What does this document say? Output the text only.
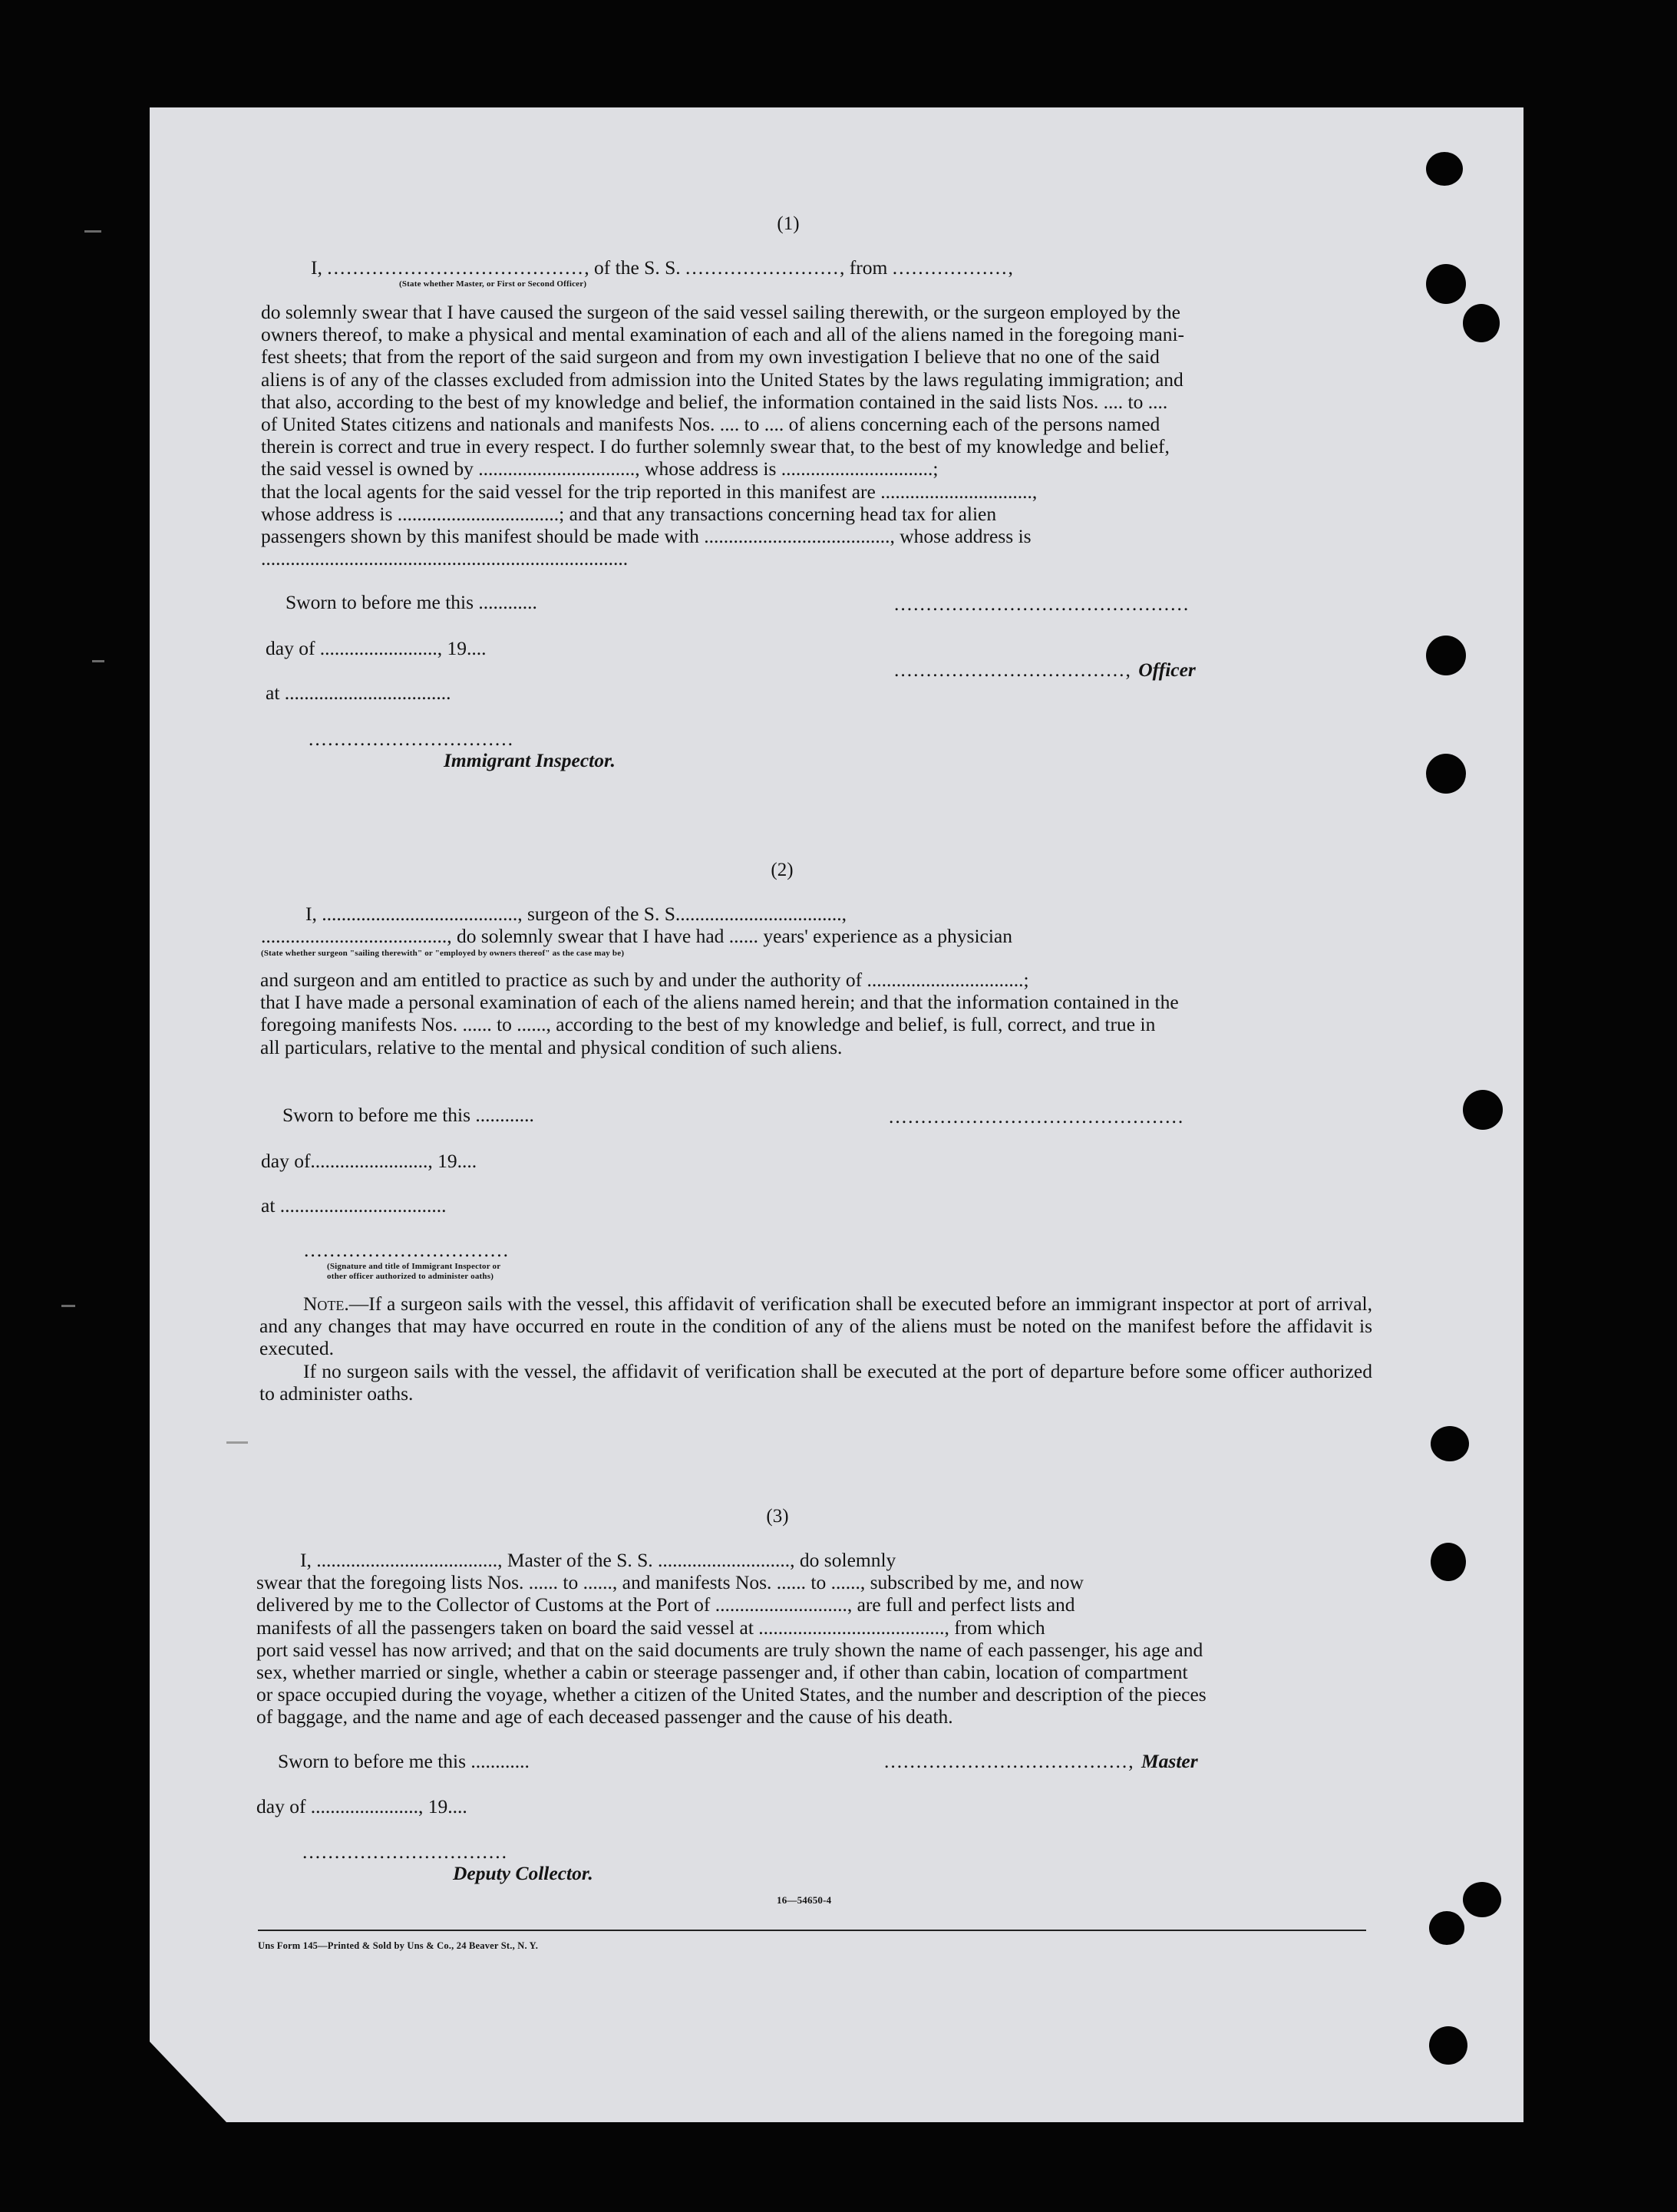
(1)
I, ........................................, of the S. S. ........................, from ..................,
(State whether Master, or First or Second Officer)
do solemnly swear that I have caused the surgeon of the said vessel sailing therewith, or the surgeon employed by the
owners thereof, to make a physical and mental examination of each and all of the aliens named in the foregoing mani-
fest sheets; that from the report of the said surgeon and from my own investigation I believe that no one of the said
aliens is of any of the classes excluded from admission into the United States by the laws regulating immigration; and
that also, according to the best of my knowledge and belief, the information contained in the said lists Nos. .... to ....
of United States citizens and nationals and manifests Nos. .... to .... of aliens concerning each of the persons named
therein is correct and true in every respect. I do further solemnly swear that, to the best of my knowledge and belief,
the said vessel is owned by ................................, whose address is ...............................;
that the local agents for the said vessel for the trip reported in this manifest are ...............................,
whose address is .................................; and that any transactions concerning head tax for alien
passengers shown by this manifest should be made with ......................................, whose address is
...........................................................................
Sworn to before me this ............	..............................................
day of ........................, 19....
...................................., Officer
at ..................................
................................
Immigrant Inspector.
(2)
I, ........................................, surgeon of the S. S..................................,
......................................, do solemnly swear that I have had ...... years' experience as a physician
(State whether surgeon "sailing therewith" or "employed by owners thereof" as the case may be)
and surgeon and am entitled to practice as such by and under the authority of ................................;
that I have made a personal examination of each of the aliens named herein; and that the information contained in the
foregoing manifests Nos. ...... to ......, according to the best of my knowledge and belief, is full, correct, and true in
all particulars, relative to the mental and physical condition of such aliens.
Sworn to before me this ............	..............................................
day of........................, 19....
at ..................................
................................
(Signature and title of Immigrant Inspector or
other officer authorized to administer oaths)
Note.—If a surgeon sails with the vessel, this affidavit of verification shall be executed before an immigrant inspector at port of arrival, and any changes that may have occurred en route in the condition of any of the aliens must be noted on the manifest before the affidavit is executed.
If no surgeon sails with the vessel, the affidavit of verification shall be executed at the port of departure before some officer authorized to administer oaths.
(3)
I, ....................................., Master of the S. S. ..........................., do solemnly
swear that the foregoing lists Nos. ...... to ......, and manifests Nos. ...... to ......, subscribed by me, and now
delivered by me to the Collector of Customs at the Port of ..........................., are full and perfect lists and
manifests of all the passengers taken on board the said vessel at ......................................, from which
port said vessel has now arrived; and that on the said documents are truly shown the name of each passenger, his age and
sex, whether married or single, whether a cabin or steerage passenger and, if other than cabin, location of compartment
or space occupied during the voyage, whether a citizen of the United States, and the number and description of the pieces
of baggage, and the name and age of each deceased passenger and the cause of his death.
Sworn to before me this ............	......................................, Master
day of ......................, 19....
................................
Deputy Collector.
16—54650-4
Uns Form 145—Printed & Sold by Uns & Co., 24 Beaver St., N. Y.
